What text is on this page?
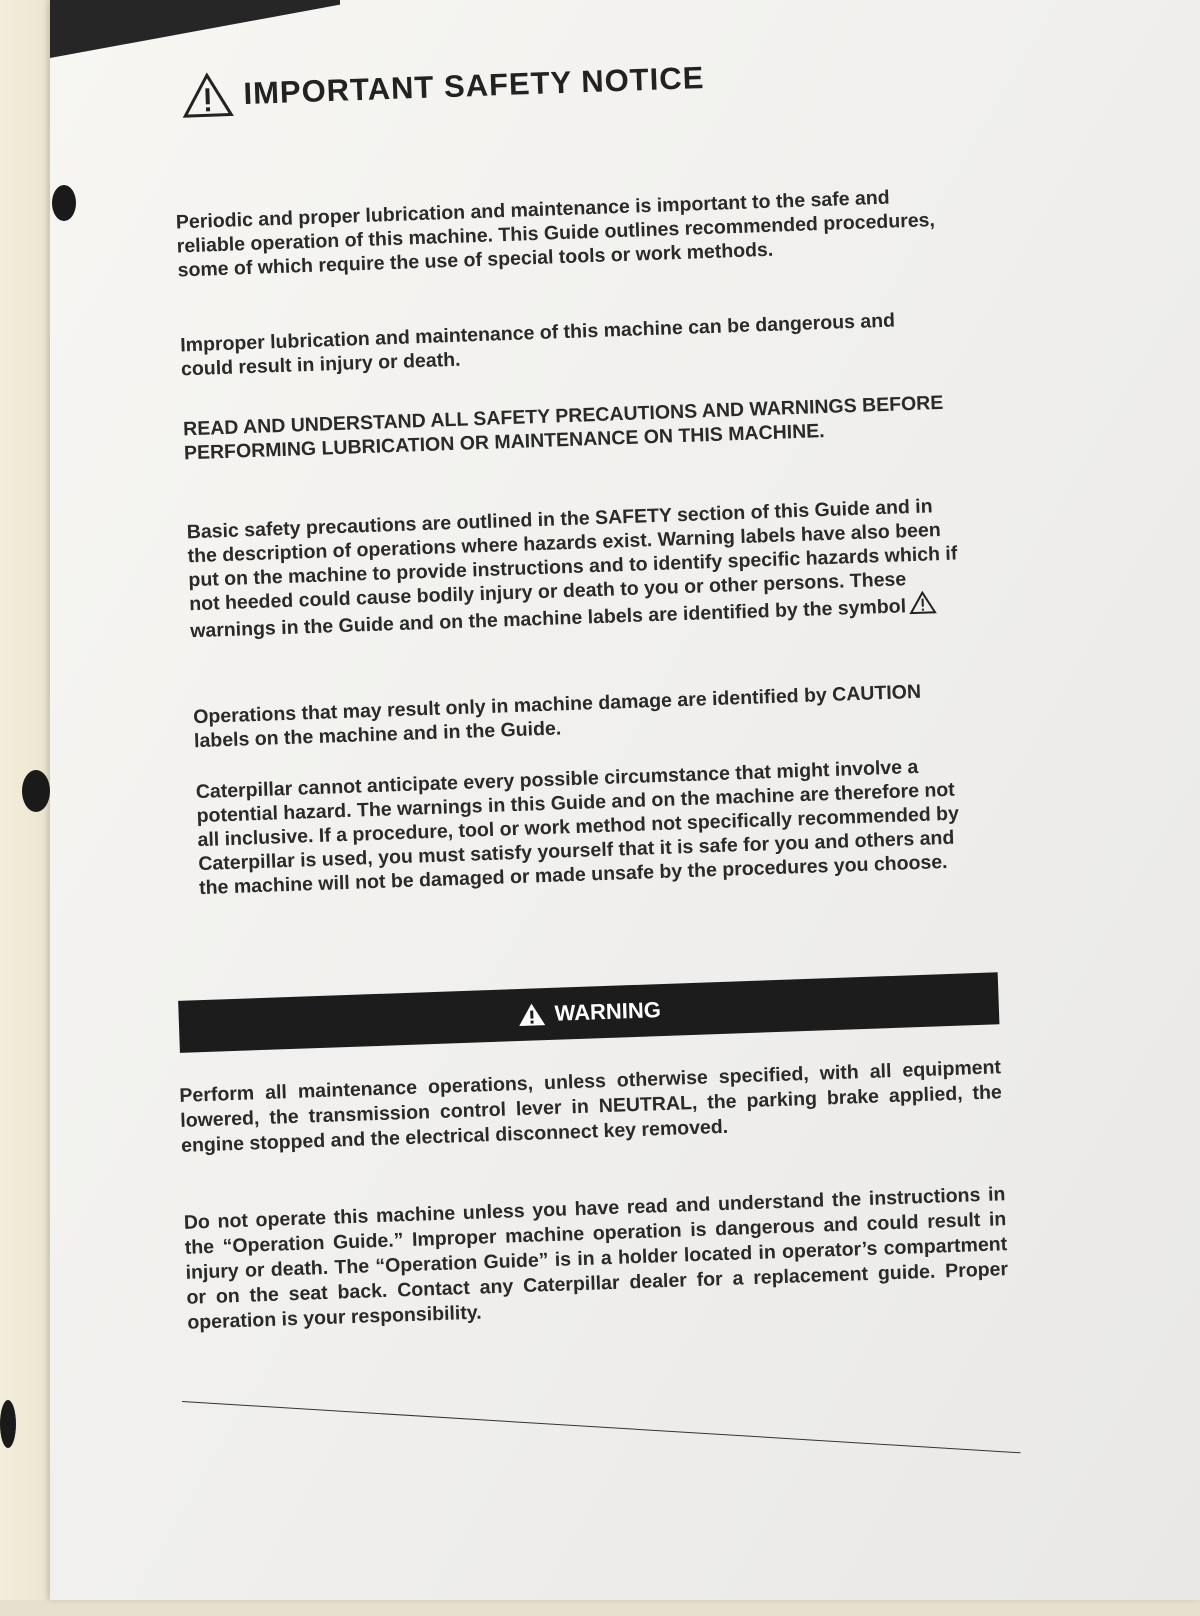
IMPORTANT SAFETY NOTICE

Periodic and proper lubrication and maintenance is important to the safe and reliable operation of this machine. This Guide outlines recommended procedures, some of which require the use of special tools or work methods.

Improper lubrication and maintenance of this machine can be dangerous and could result in injury or death.

READ AND UNDERSTAND ALL SAFETY PRECAUTIONS AND WARNINGS BEFORE PERFORMING LUBRICATION OR MAINTENANCE ON THIS MACHINE.

Basic safety precautions are outlined in the SAFETY section of this Guide and in the description of operations where hazards exist. Warning labels have also been put on the machine to provide instructions and to identify specific hazards which if not heeded could cause bodily injury or death to you or other persons. These warnings in the Guide and on the machine labels are identified by the symbol

Operations that may result only in machine damage are identified by CAUTION labels on the machine and in the Guide.

Caterpillar cannot anticipate every possible circumstance that might involve a potential hazard. The warnings in this Guide and on the machine are therefore not all inclusive. If a procedure, tool or work method not specifically recommended by Caterpillar is used, you must satisfy yourself that it is safe for you and others and the machine will not be damaged or made unsafe by the procedures you choose.

WARNING

Perform all maintenance operations, unless otherwise specified, with all equipment lowered, the transmission control lever in NEUTRAL, the parking brake applied, the engine stopped and the electrical disconnect key removed.

Do not operate this machine unless you have read and understand the instructions in the “Operation Guide.” Improper machine operation is dangerous and could result in injury or death. The “Operation Guide” is in a holder located in operator’s compartment or on the seat back. Contact any Caterpillar dealer for a replacement guide. Proper operation is your responsibility.
